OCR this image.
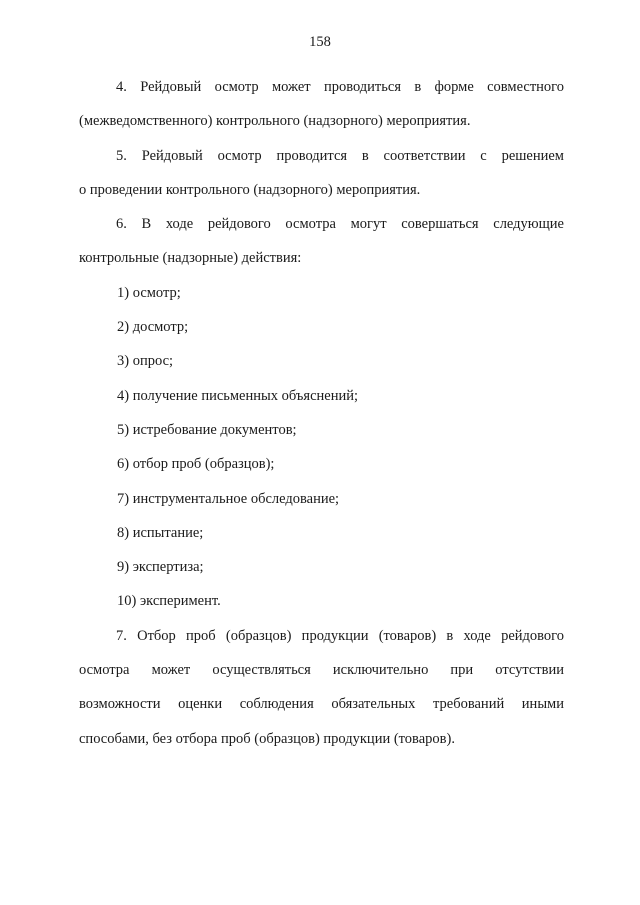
158
4. Рейдовый осмотр может проводиться в форме совместного
(межведомственного) контрольного (надзорного) мероприятия.
5. Рейдовый осмотр проводится в соответствии с решением
о проведении контрольного (надзорного) мероприятия.
6. В ходе рейдового осмотра могут совершаться следующие
контрольные (надзорные) действия:
1) осмотр;
2) досмотр;
3) опрос;
4) получение письменных объяснений;
5) истребование документов;
6) отбор проб (образцов);
7) инструментальное обследование;
8) испытание;
9) экспертиза;
10) эксперимент.
7. Отбор проб (образцов) продукции (товаров) в ходе рейдового
осмотра может осуществляться исключительно при отсутствии
возможности оценки соблюдения обязательных требований иными
способами, без отбора проб (образцов) продукции (товаров).
